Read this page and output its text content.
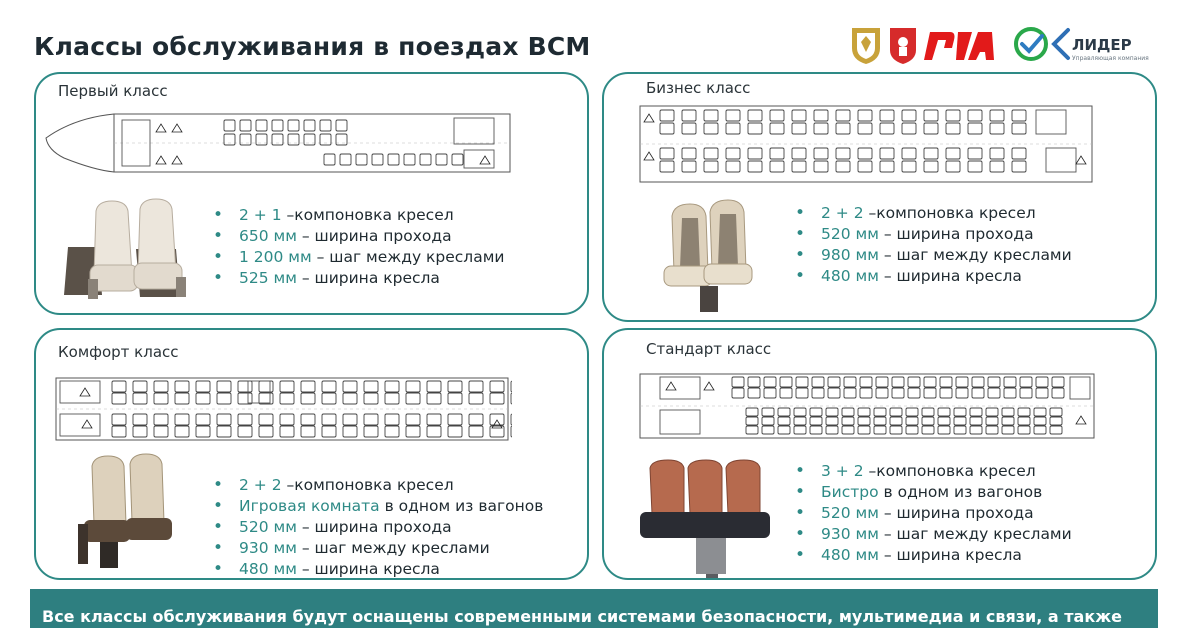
Классы обслуживания в поездах ВСМ	ЛИДЕР
Управляющая компания
Первый класс
• 2 + 1 –компоновка кресел
• 650 мм – ширина прохода
• 1 200 мм – шаг между креслами
• 525 мм – ширина кресла
Бизнес класс
• 2 + 2 –компоновка кресел
• 520 мм – ширина прохода
• 980 мм – шаг между креслами
• 480 мм – ширина кресла
Комфорт класс
• 2 + 2 –компоновка кресел
• Игровая комната в одном из вагонов
• 520 мм – ширина прохода
• 930 мм – шаг между креслами
• 480 мм – ширина кресла
Стандарт класс
• 3 + 2 –компоновка кресел
• Бистро в одном из вагонов
• 520 мм – ширина прохода
• 930 мм – шаг между креслами
• 480 мм – ширина кресла
Все классы обслуживания будут оснащены современными системами безопасности, мультимедиа и связи, а также
